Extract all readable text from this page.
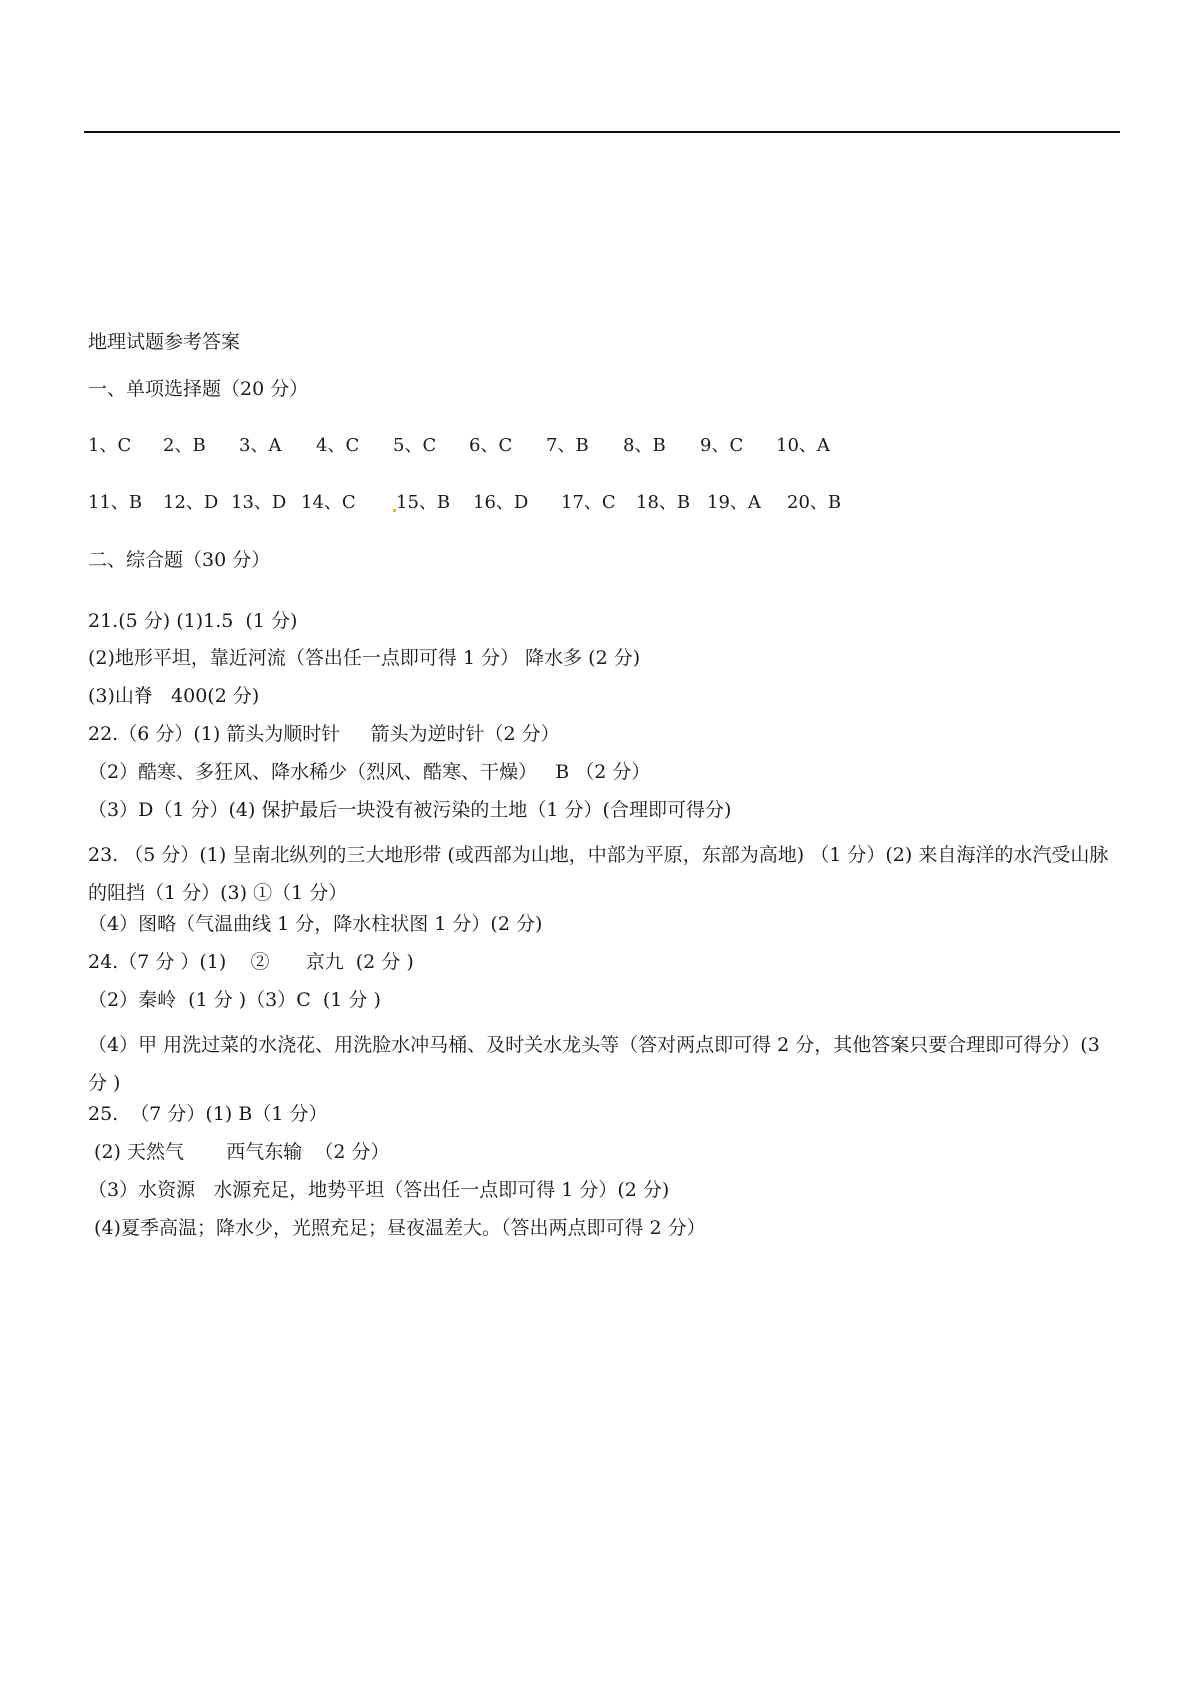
地理试题参考答案
一、单项选择题（20 分）
1、C 2、B 3、A 4、C 5、C 6、C 7、B 8、B 9、C 10、A
11、B 12、D 13、D 14、C 15、B 16、D 17、C 18、B 19、A 20、B
二、综合题（30 分）
21.(5 分) (1)1.5  (1 分)
(2)地形平坦，靠近河流（答出任一点即可得 1 分） 降水多 (2 分)
(3)山脊   400(2 分)
22.（6 分）(1) 箭头为顺时针     箭头为逆时针（2 分）
（2）酷寒、多狂风、降水稀少（烈风、酷寒、干燥）   B （2 分）
（3）D（1 分）(4) 保护最后一块没有被污染的土地（1 分）(合理即可得分)
23. （5 分）(1) 呈南北纵列的三大地形带 (或西部为山地，中部为平原，东部为高地) （1 分）(2) 来自海洋的水汽受山脉的阻挡（1 分）(3) ①（1 分）
（4）图略（气温曲线 1 分，降水柱状图 1 分）(2 分)
24.（7 分 ）(1)    ②      京九  (2 分 )
（2）秦岭  (1 分 )（3）C  (1 分 )
（4）甲 用洗过菜的水浇花、用洗脸水冲马桶、及时关水龙头等（答对两点即可得 2 分，其他答案只要合理即可得分）(3 分 )
25.  （7 分）(1) B（1 分）
(2) 天然气       西气东输  （2 分）
（3）水资源   水源充足，地势平坦（答出任一点即可得 1 分）(2 分)
(4)夏季高温；降水少，光照充足；昼夜温差大。（答出两点即可得 2 分）
